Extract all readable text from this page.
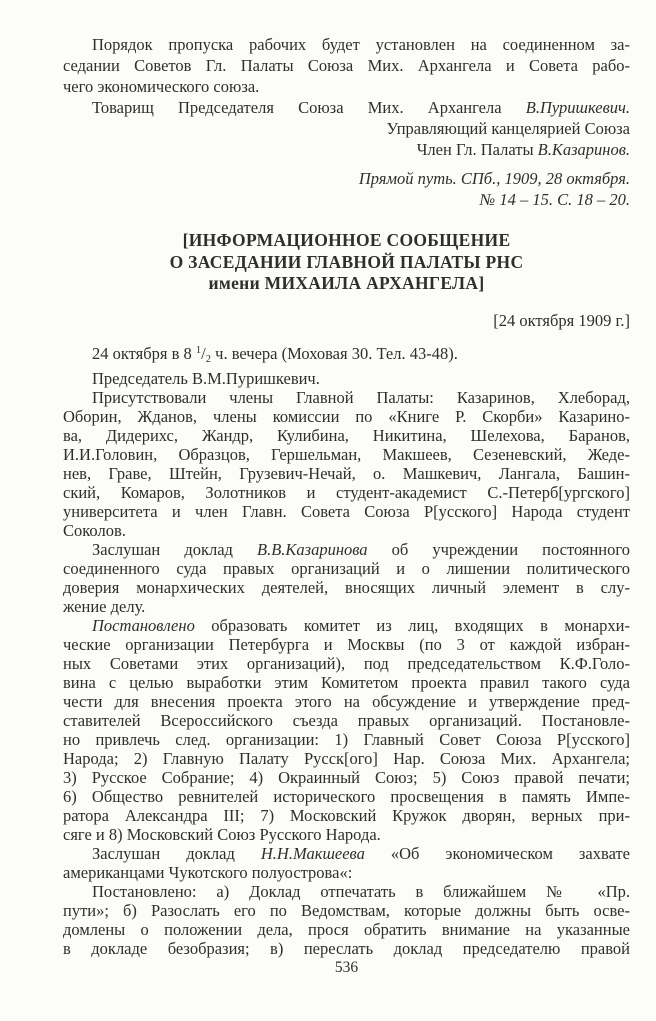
Порядок пропуска рабочих будет установлен на соединенном за-
седании Советов Гл. Палаты Союза Мих. Архангела и Совета рабо-
чего экономического союза.
Товарищ Председателя Союза Мих. Архангела В.Пуришкевич.
Управляющий канцелярией Союза
Член Гл. Палаты В.Казаринов.
Прямой путь. СПб., 1909, 28 октября.
№ 14 – 15. С. 18 – 20.
[ИНФОРМАЦИОННОЕ СООБЩЕНИЕ
О ЗАСЕДАНИИ ГЛАВНОЙ ПАЛАТЫ РНС
имени МИХАИЛА АРХАНГЕЛА]
[24 октября 1909 г.]
24 октября в 8 $^1/_2$ ч. вечера (Моховая 30. Тел. 43-48).
Председатель В.М.Пуришкевич.
Присутствовали члены Главной Палаты: Казаринов, Хлеборад,
Оборин, Жданов, члены комиссии по «Книге Р. Скорби» Казарино-
ва, Дидерихс, Жандр, Кулибина, Никитина, Шелехова, Баранов,
И.И.Головин, Образцов, Гершельман, Макшеев, Сезеневский, Жеде-
нев, Граве, Штейн, Грузевич-Нечай, о. Машкевич, Лангала, Башин-
ский, Комаров, Золотников и студент-академист С.-Петерб[ургского]
университета и член Главн. Совета Союза Р[усского] Народа студент
Соколов.
Заслушан доклад В.В.Казаринова об учреждении постоянного
соединенного суда правых организаций и о лишении политического
доверия монархических деятелей, вносящих личный элемент в слу-
жение делу.
Постановлено образовать комитет из лиц, входящих в монархи-
ческие организации Петербурга и Москвы (по 3 от каждой избран-
ных Советами этих организаций), под председательством К.Ф.Голо-
вина с целью выработки этим Комитетом проекта правил такого суда
чести для внесения проекта этого на обсуждение и утверждение пред-
ставителей Всероссийского съезда правых организаций. Постановле-
но привлечь след. организации: 1) Главный Совет Союза Р[усского]
Народа; 2) Главную Палату Русск[ого] Нар. Союза Мих. Архангела;
3) Русское Собрание; 4) Окраинный Союз; 5) Союз правой печати;
6) Общество ревнителей исторического просвещения в память Импе-
ратора Александра III; 7) Московский Кружок дворян, верных при-
сяге и 8) Московский Союз Русского Народа.
Заслушан доклад Н.Н.Макшеева «Об экономическом захвате
американцами Чукотского полуострова«:
Постановлено: а) Доклад отпечатать в ближайшем № «Пр.
пути»; б) Разослать его по Ведомствам, которые должны быть осве-
домлены о положении дела, прося обратить внимание на указанные
в докладе безобразия; в) переслать доклад председателю правой
536
